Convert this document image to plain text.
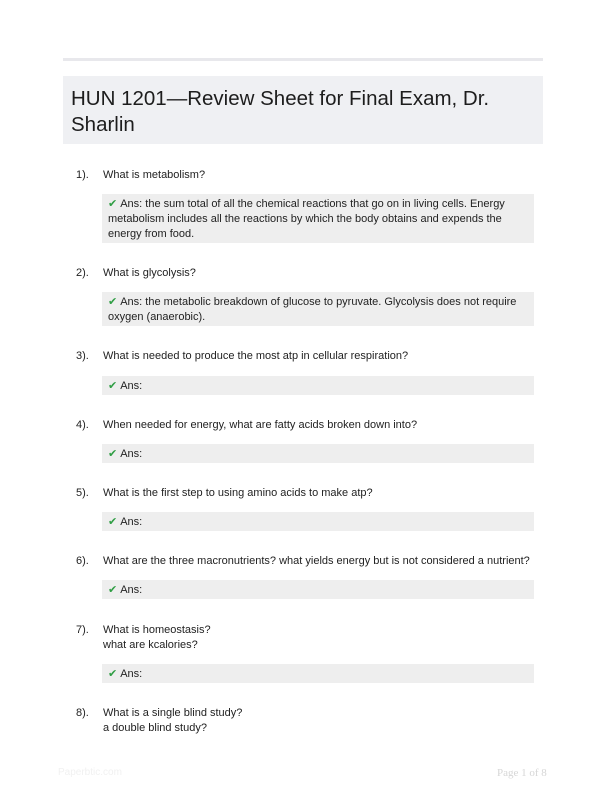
HUN 1201—Review Sheet for Final Exam, Dr. Sharlin
1). What is metabolism?
✔ Ans: the sum total of all the chemical reactions that go on in living cells. Energy metabolism includes all the reactions by which the body obtains and expends the energy from food.
2). What is glycolysis?
✔ Ans: the metabolic breakdown of glucose to pyruvate. Glycolysis does not require oxygen (anaerobic).
3). What is needed to produce the most atp in cellular respiration?
✔ Ans:
4). When needed for energy, what are fatty acids broken down into?
✔ Ans:
5). What is the first step to using amino acids to make atp?
✔ Ans:
6). What are the three macronutrients? what yields energy but is not considered a nutrient?
✔ Ans:
7). What is homeostasis?
what are kcalories?
✔ Ans:
8). What is a single blind study?
a double blind study?
Paperbtic.com	Page 1 of 8
